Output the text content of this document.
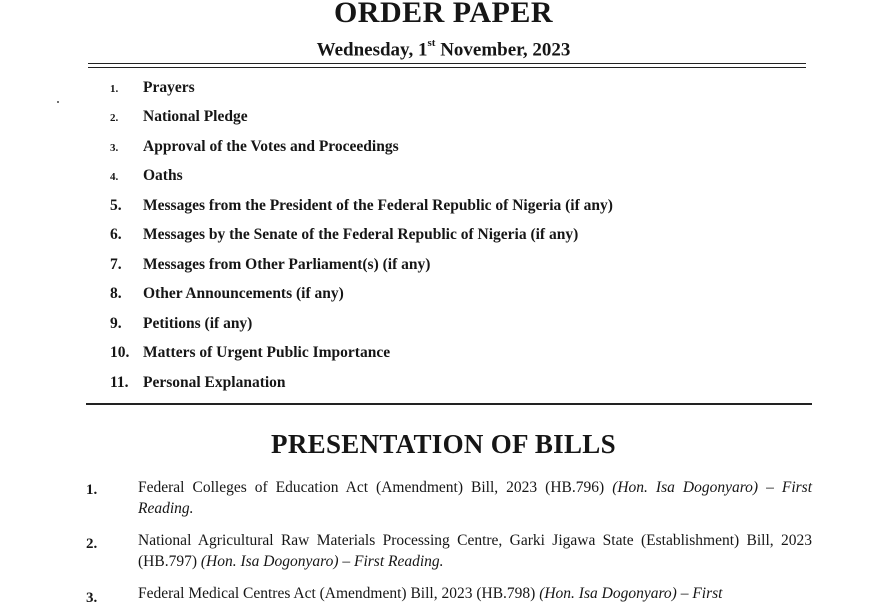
ORDER PAPER
Wednesday, 1st November, 2023
1. Prayers
2. National Pledge
3. Approval of the Votes and Proceedings
4. Oaths
5. Messages from the President of the Federal Republic of Nigeria (if any)
6. Messages by the Senate of the Federal Republic of Nigeria (if any)
7. Messages from Other Parliament(s) (if any)
8. Other Announcements (if any)
9. Petitions (if any)
10. Matters of Urgent Public Importance
11. Personal Explanation
PRESENTATION OF BILLS
1.	Federal Colleges of Education Act (Amendment) Bill, 2023 (HB.796) (Hon. Isa Dogonyaro) – First Reading.
2.	National Agricultural Raw Materials Processing Centre, Garki Jigawa State (Establishment) Bill, 2023 (HB.797) (Hon. Isa Dogonyaro) – First Reading.
3.	Federal Medical Centres Act (Amendment) Bill, 2023 (HB.798) (Hon. Isa Dogonyaro) – First
